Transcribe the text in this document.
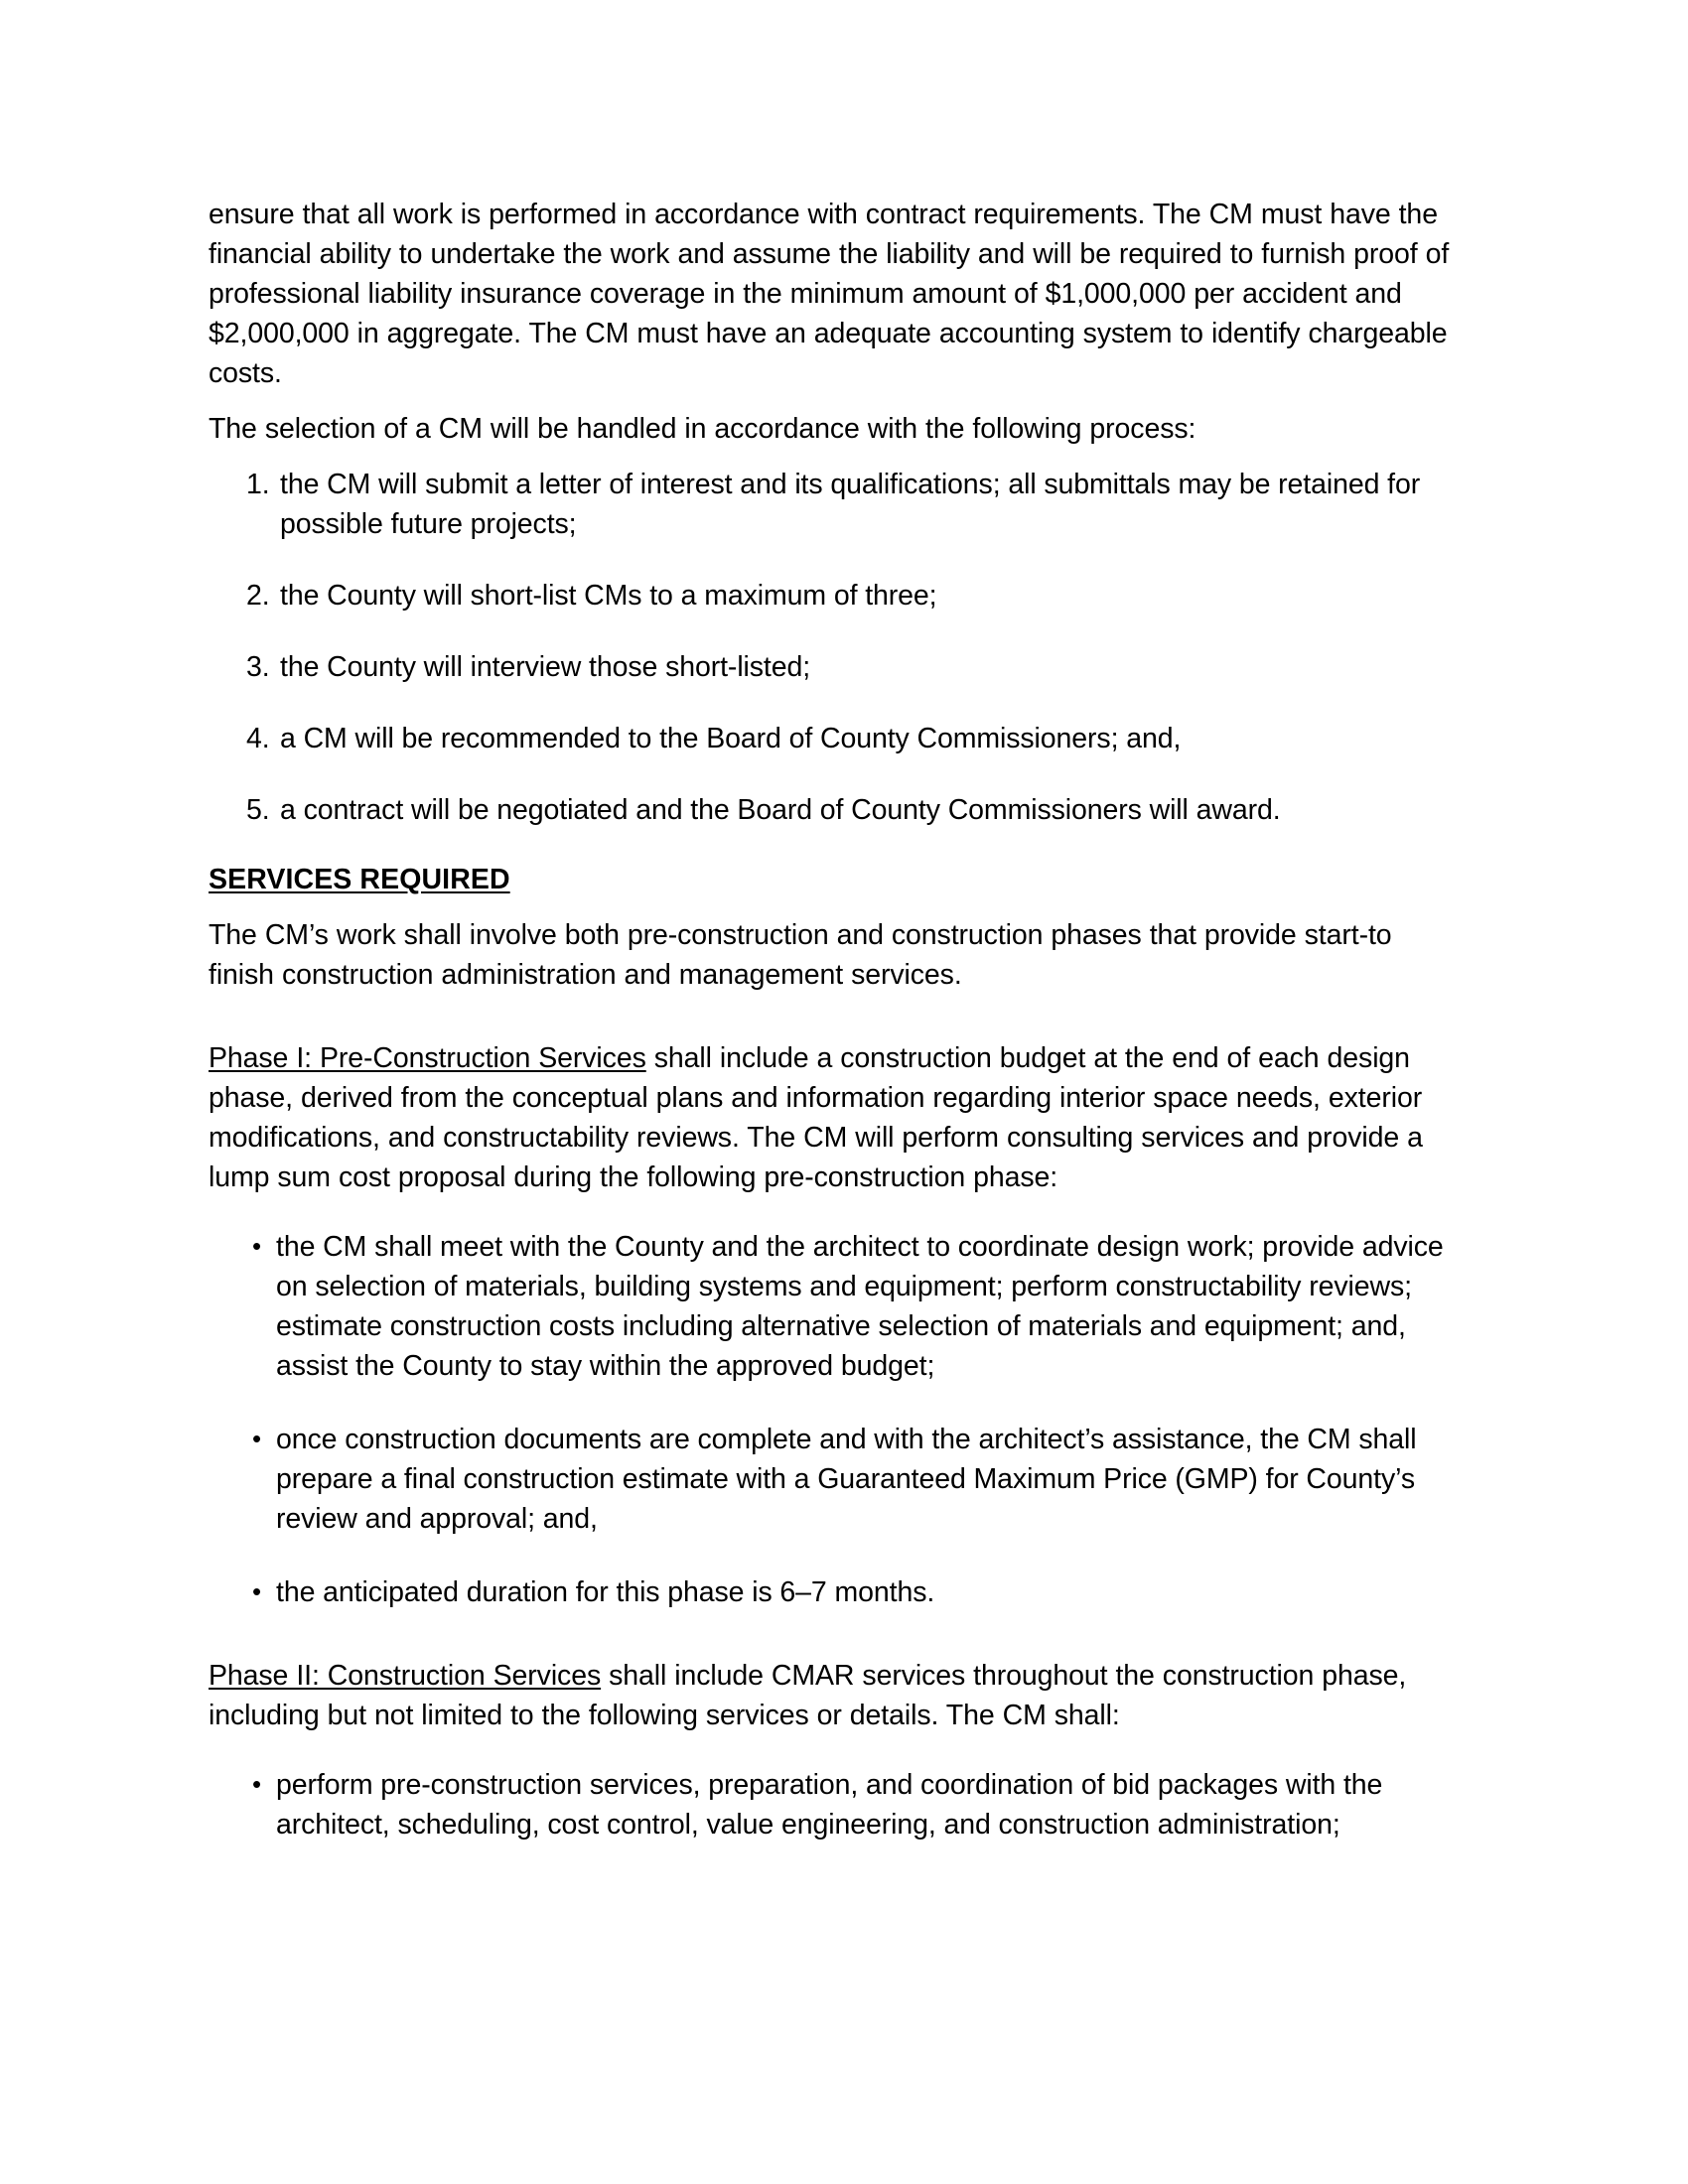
ensure that all work is performed in accordance with contract requirements. The CM must have the financial ability to undertake the work and assume the liability and will be required to furnish proof of professional liability insurance coverage in the minimum amount of $1,000,000 per accident and $2,000,000 in aggregate. The CM must have an adequate accounting system to identify chargeable costs.

The selection of a CM will be handled in accordance with the following process:

the CM will submit a letter of interest and its qualifications; all submittals may be retained for possible future projects;
the County will short-list CMs to a maximum of three;
the County will interview those short-listed;
a CM will be recommended to the Board of County Commissioners; and,
a contract will be negotiated and the Board of County Commissioners will award.
SERVICES REQUIRED

The CM’s work shall involve both pre-construction and construction phases that provide start-to finish construction administration and management services.

Phase I: Pre-Construction Services shall include a construction budget at the end of each design phase, derived from the conceptual plans and information regarding interior space needs, exterior modifications, and constructability reviews. The CM will perform consulting services and provide a lump sum cost proposal during the following pre-construction phase:

• the CM shall meet with the County and the architect to coordinate design work; provide advice on selection of materials, building systems and equipment; perform constructability reviews; estimate construction costs including alternative selection of materials and equipment; and, assist the County to stay within the approved budget;
• once construction documents are complete and with the architect’s assistance, the CM shall prepare a final construction estimate with a Guaranteed Maximum Price (GMP) for County’s review and approval; and,
• the anticipated duration for this phase is 6–7 months.

Phase II: Construction Services shall include CMAR services throughout the construction phase, including but not limited to the following services or details. The CM shall:

• perform pre-construction services, preparation, and coordination of bid packages with the architect, scheduling, cost control, value engineering, and construction administration;
